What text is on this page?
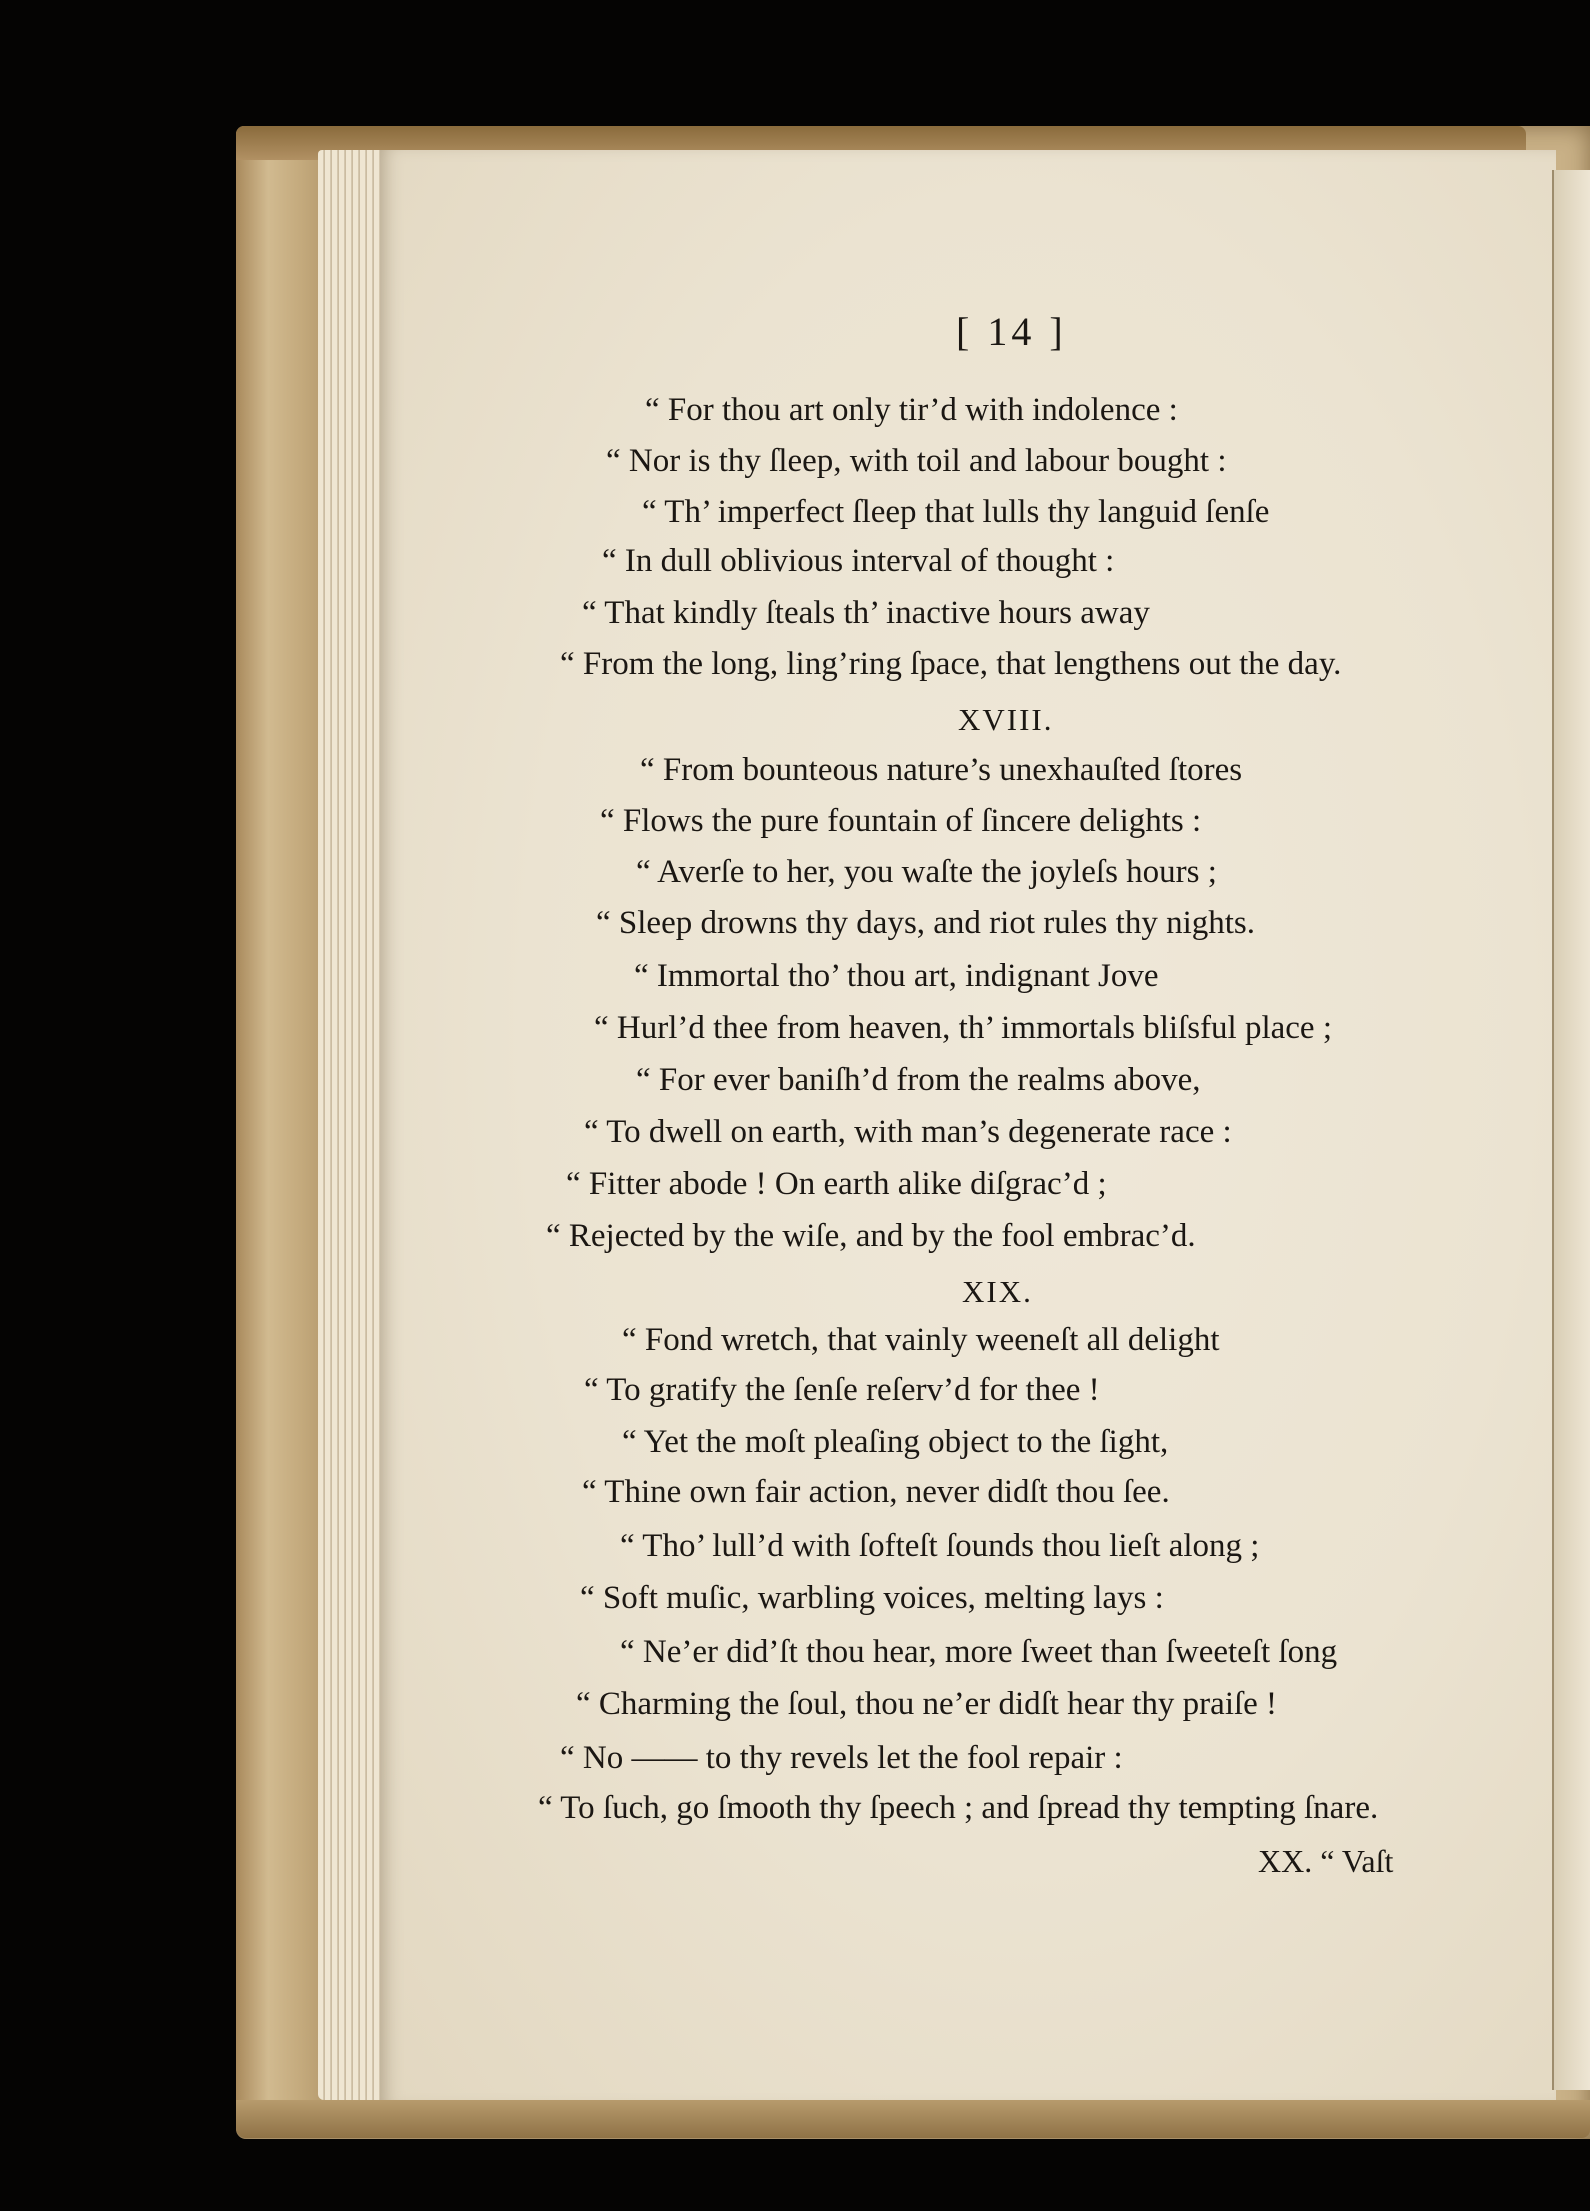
[ 14 ]
“ For thou art only tir’d with indolence :
“ Nor is thy ſleep, with toil and labour bought :
“ Th’ imperfect ſleep that lulls thy languid ſenſe
“ In dull oblivious interval of thought :
“ That kindly ſteals th’ inactive hours away
“ From the long, ling’ring ſpace, that lengthens out the day.
XVIII.
“ From bounteous nature’s unexhauſted ſtores
“ Flows the pure fountain of ſincere delights :
“ Averſe to her, you waſte the joyleſs hours ;
“ Sleep drowns thy days, and riot rules thy nights.
“ Immortal tho’ thou art, indignant Jove
“ Hurl’d thee from heaven, th’ immortals bliſsful place ;
“ For ever baniſh’d from the realms above,
“ To dwell on earth, with man’s degenerate race :
“ Fitter abode ! On earth alike diſgrac’d ;
“ Rejected by the wiſe, and by the fool embrac’d.
XIX.
“ Fond wretch, that vainly weeneſt all delight
“ To gratify the ſenſe reſerv’d for thee !
“ Yet the moſt pleaſing object to the ſight,
“ Thine own fair action, never didſt thou ſee.
“ Tho’ lull’d with ſofteſt ſounds thou lieſt along ;
“ Soft muſic, warbling voices, melting lays :
“ Ne’er did’ſt thou hear, more ſweet than ſweeteſt ſong
“ Charming the ſoul, thou ne’er didſt hear thy praiſe !
“ No —— to thy revels let the fool repair :
“ To ſuch, go ſmooth thy ſpeech ; and ſpread thy tempting ſnare.
XX. “ Vaſt
